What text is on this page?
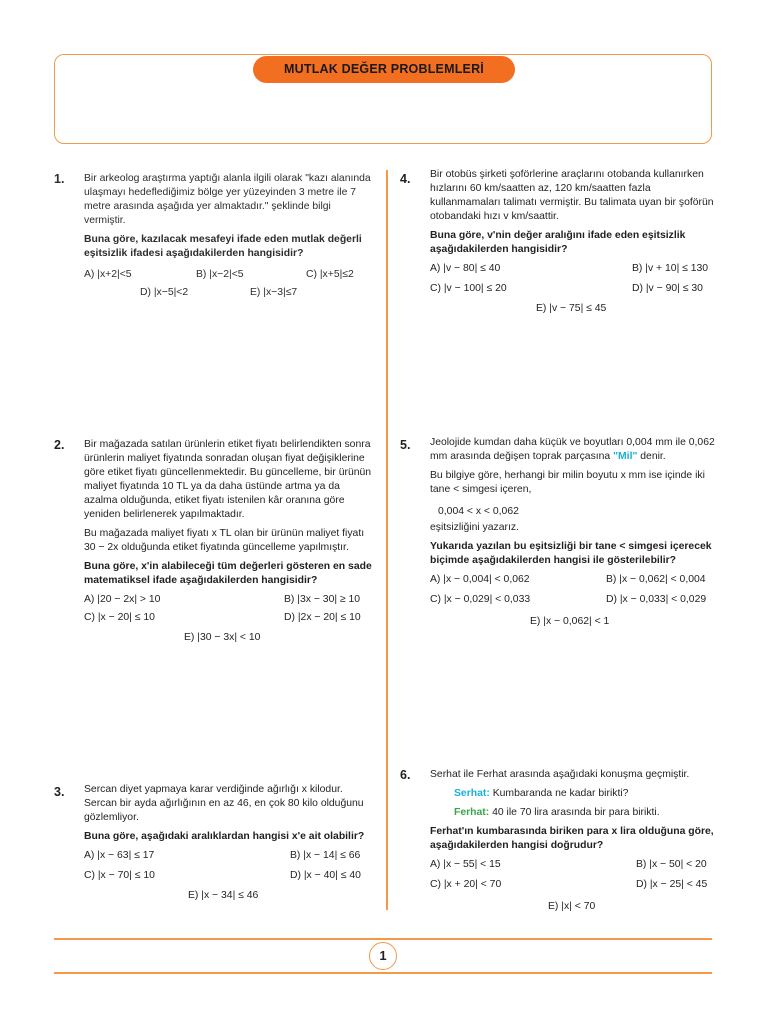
MUTLAK DEĞER PROBLEMLERİ
1
1. Bir arkeolog araştırma yaptığı alanla ilgili olarak "kazı alanında ulaşmayı hedeflediğimiz bölge yer yüzeyinden 3 metre ile 7 metre arasında aşağıda yer almaktadır." şeklinde bilgi vermiştir.

Buna göre, kazılacak mesafeyi ifade eden mutlak değerli eşitsizlik ifadesi aşağıdakilerden hangisidir?

A) |x+2|<5	B) |x−2|<5	C) |x+5|≤2
D) |x−5|<2	E) |x−3|≤7
2. Bir mağazada satılan ürünlerin etiket fiyatı belirlendikten sonra ürünlerin maliyet fiyatında sonradan oluşan fiyat değişiklerine göre etiket fiyatı güncellenmektedir. Bu güncelleme, bir ürünün maliyet fiyatında 10 TL ya da daha üstünde artma ya da azalma olduğunda, etiket fiyatı istenilen kâr oranına göre yeniden belirlenerek yapılmaktadır.

Bu mağazada maliyet fiyatı x TL olan bir ürünün maliyet fiyatı 30 − 2x olduğunda etiket fiyatında güncelleme yapılmıştır.

Buna göre, x'in alabileceği tüm değerleri gösteren en sade matematiksel ifade aşağıdakilerden hangisidir?

A) |20 − 2x| > 10	B) |3x − 30| ≥ 10
C) |x − 20| ≤ 10	D) |2x − 20| ≤ 10
E) |30 − 3x| < 10
3. Sercan diyet yapmaya karar verdiğinde ağırlığı x kilodur. Sercan bir ayda ağırlığının en az 46, en çok 80 kilo olduğunu gözlemliyor.

Buna göre, aşağıdaki aralıklardan hangisi x'e ait olabilir?

A) |x − 63| ≤ 17	B) |x − 14| ≤ 66
C) |x − 70| ≤ 10	D) |x − 40| ≤ 40
E) |x − 34| ≤ 46
4. Bir otobüs şirketi şoförlerine araçlarını otobanda kullanırken hızlarını 60 km/saatten az, 120 km/saatten fazla kullanmamaları talimatı vermiştir. Bu talimata uyan bir şoförün otobandaki hızı v km/saattir.

Buna göre, v'nin değer aralığını ifade eden eşitsizlik aşağıdakilerden hangisidir?

A) |v − 80| ≤ 40	B) |v + 10| ≤ 130
C) |v − 100| ≤ 20	D) |v − 90| ≤ 30
E) |v − 75| ≤ 45
5. Jeolojide kumdan daha küçük ve boyutları 0,004 mm ile 0,062 mm arasında değişen toprak parçasına "Mil" denir.

Bu bilgiye göre, herhangi bir milin boyutu x mm ise içinde iki tane < simgesi içeren,

0,004 < x < 0,062

eşitsizliğini yazarız.

Yukarıda yazılan bu eşitsizliği bir tane < simgesi içerecek biçimde aşağıdakilerden hangisi ile gösterilebilir?

A) |x − 0,004| < 0,062	B) |x − 0,062| < 0,004
C) |x − 0,029| < 0,033	D) |x − 0,033| < 0,029
E) |x − 0,062| < 1
6. Serhat ile Ferhat arasında aşağıdaki konuşma geçmiştir.

Serhat: Kumbaranda ne kadar birikti?

Ferhat: 40 ile 70 lira arasında bir para birikti.

Ferhat'ın kumbarasında biriken para x lira olduğuna göre, aşağıdakilerden hangisi doğrudur?

A) |x − 55| < 15	B) |x − 50| < 20
C) |x + 20| < 70	D) |x − 25| < 45
E) |x| < 70
